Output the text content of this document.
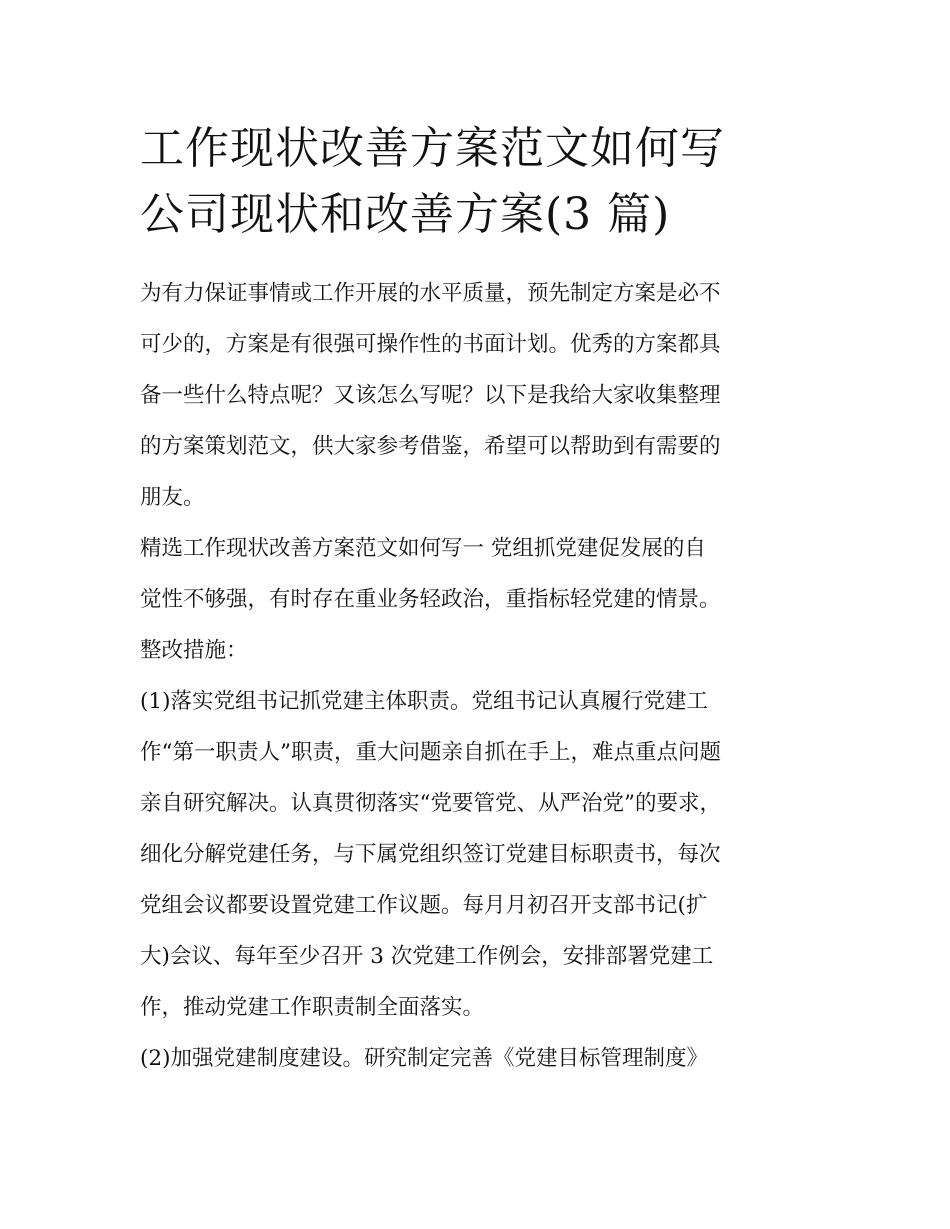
工作现状改善方案范文如何写
公司现状和改善方案(3 篇)
为有力保证事情或工作开展的水平质量，预先制定方案是必不
可少的，方案是有很强可操作性的书面计划。优秀的方案都具
备一些什么特点呢？又该怎么写呢？以下是我给大家收集整理
的方案策划范文，供大家参考借鉴，希望可以帮助到有需要的
朋友。
精选工作现状改善方案范文如何写一 党组抓党建促发展的自
觉性不够强，有时存在重业务轻政治，重指标轻党建的情景。
整改措施：
(1)落实党组书记抓党建主体职责。党组书记认真履行党建工
作“第一职责人”职责，重大问题亲自抓在手上，难点重点问题
亲自研究解决。认真贯彻落实“党要管党、从严治党”的要求，
细化分解党建任务，与下属党组织签订党建目标职责书，每次
党组会议都要设置党建工作议题。每月月初召开支部书记(扩
大)会议、每年至少召开 3 次党建工作例会，安排部署党建工
作，推动党建工作职责制全面落实。
(2)加强党建制度建设。研究制定完善《党建目标管理制度》
